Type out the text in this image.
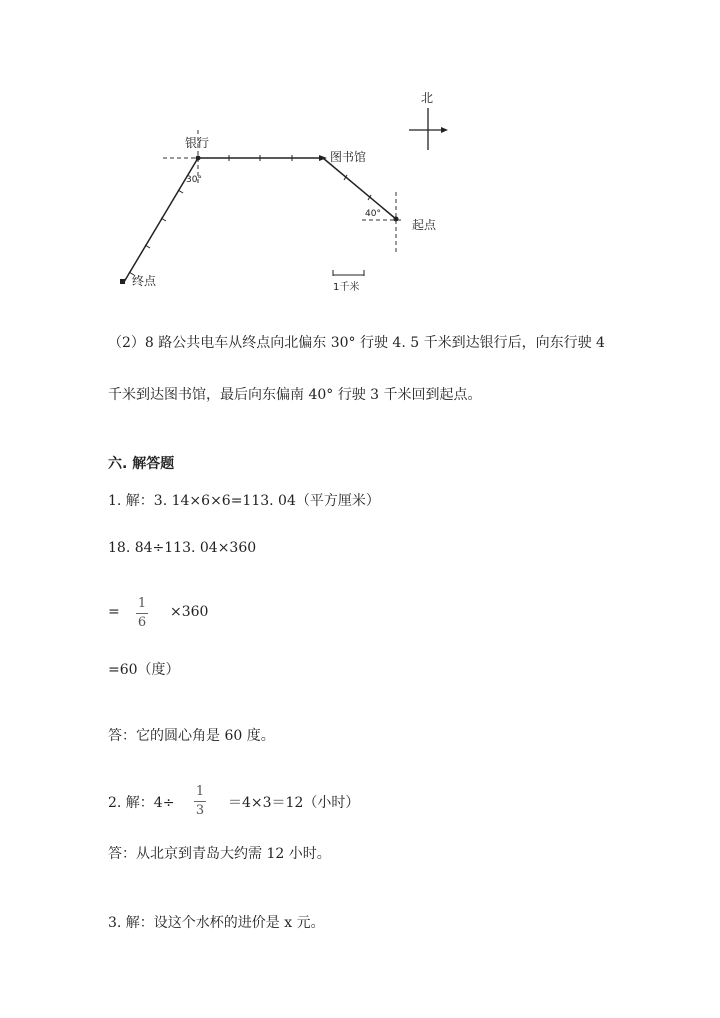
北
银行
图书馆
起点
终点
30°
40°
1千米
（2）8 路公共电车从终点向北偏东 30° 行驶 4. 5 千米到达银行后，向东行驶 4
千米到达图书馆，最后向东偏南 40° 行驶 3 千米回到起点。
六. 解答题
1. 解：3. 14×6×6=113. 04（平方厘米）
18. 84÷113. 04×360
=
1
6
×360
=60（度）
答：它的圆心角是 60 度。
2. 解：4÷
1
3 ＝4×3＝12（小时）
答：从北京到青岛大约需 12 小时。
3. 解：设这个水杯的进价是 x 元。
